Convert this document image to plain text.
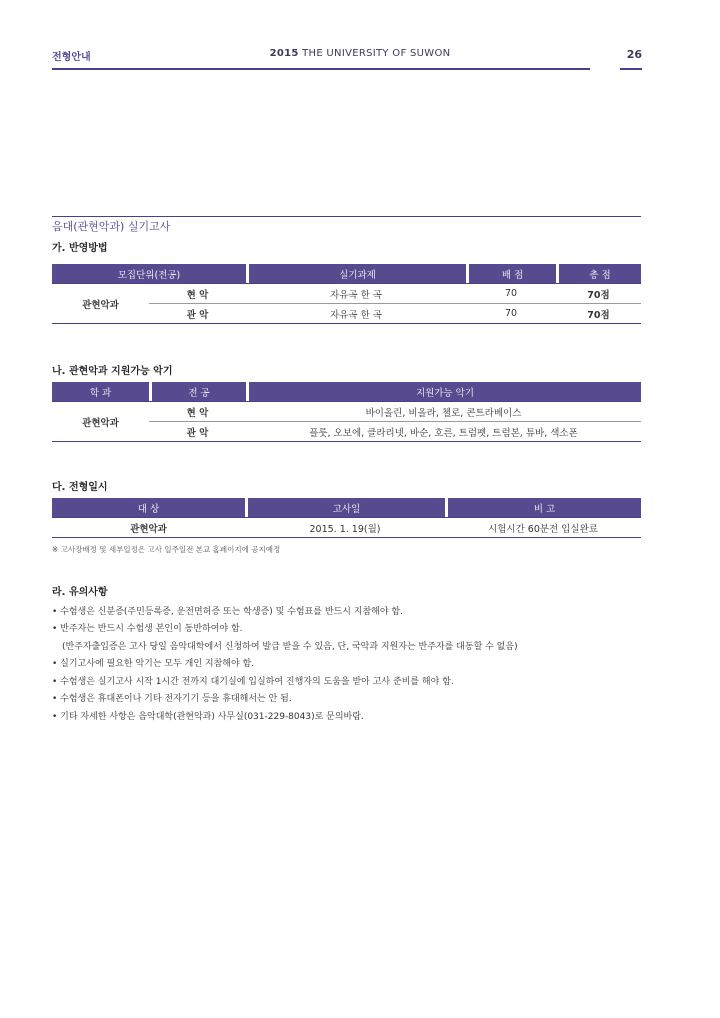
전형안내	2015 THE UNIVERSITY OF SUWON	26
음대(관현악과) 실기고사
가. 반영방법
모집단위(전공)		실기과제	배 점	총 점
관현악과	현 악	자유곡 한 곡	70	70점
	관 악	자유곡 한 곡	70	70점
나. 관현악과 지원가능 악기
학 과	전 공	지원가능 악기
관현악과	현 악	바이올린, 비올라, 첼로, 콘트라베이스
	관 악	플룻, 오보에, 클라리넷, 바순, 호른, 트럼펫, 트럼본, 튜바, 색소폰
다. 전형일시
대 상	고사일	비 고
관현악과	2015. 1. 19(월)	시험시간 60분전 입실완료
※ 고사장배정 및 세부일정은 고사 일주일전 본교 홈페이지에 공지예정
라. 유의사항
• 수험생은 신분증(주민등록증, 운전면허증 또는 학생증) 및 수험표를 반드시 지참해야 함.
• 반주자는 반드시 수험생 본인이 동반하여야 함.
(반주자출입증은 고사 당일 음악대학에서 신청하여 발급 받을 수 있음, 단, 국악과 지원자는 반주자를 대동할 수 없음)
• 실기고사에 필요한 악기는 모두 개인 지참해야 함.
• 수험생은 실기고사 시작 1시간 전까지 대기실에 입실하여 진행자의 도움을 받아 고사 준비를 해야 함.
• 수험생은 휴대폰이나 기타 전자기기 등을 휴대해서는 안 됨.
• 기타 자세한 사항은 음악대학(관현악과) 사무실(031-229-8043)로 문의바람.
